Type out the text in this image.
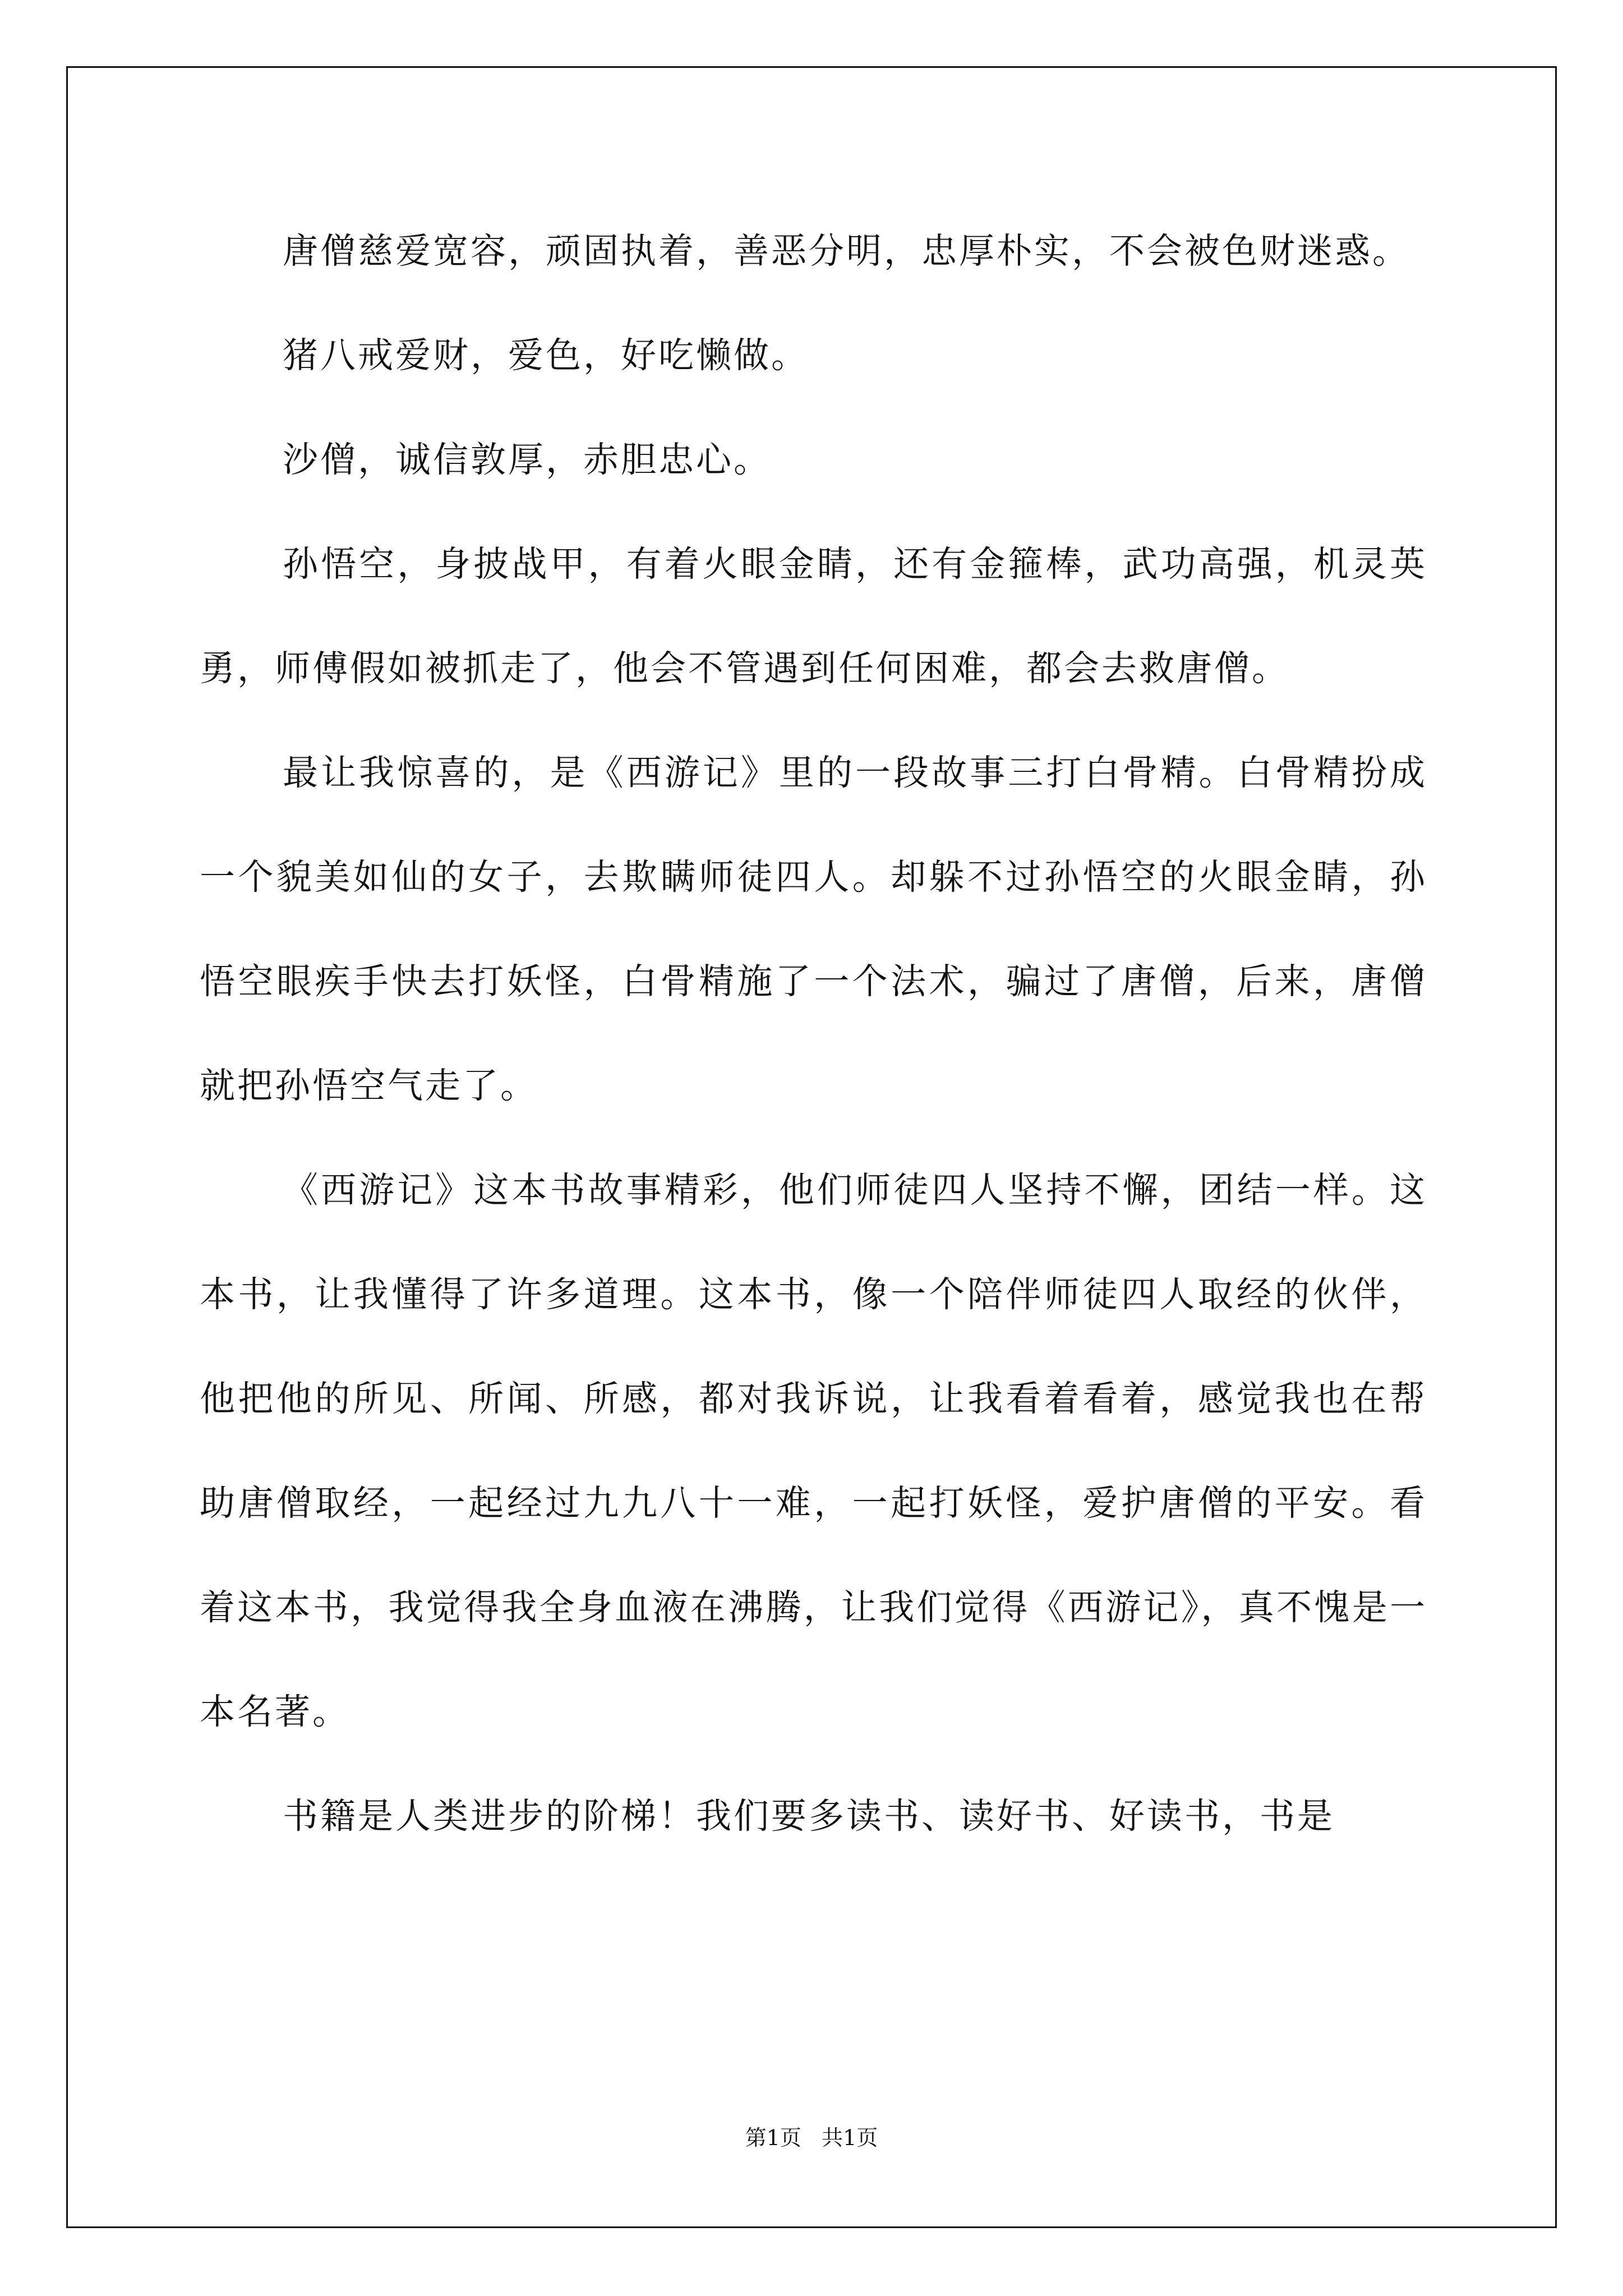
唐僧慈爱宽容，顽固执着，善恶分明，忠厚朴实，不会被色财迷惑。

猪八戒爱财，爱色，好吃懒做。

沙僧，诚信敦厚，赤胆忠心。

孙悟空，身披战甲，有着火眼金睛，还有金箍棒，武功高强，机灵英勇，师傅假如被抓走了，他会不管遇到任何困难，都会去救唐僧。

最让我惊喜的，是《西游记》里的一段故事三打白骨精。白骨精扮成一个貌美如仙的女子，去欺瞒师徒四人。却躲不过孙悟空的火眼金睛，孙悟空眼疾手快去打妖怪，白骨精施了一个法术，骗过了唐僧，后来，唐僧就把孙悟空气走了。

《西游记》这本书故事精彩，他们师徒四人坚持不懈，团结一样。这本书，让我懂得了许多道理。这本书，像一个陪伴师徒四人取经的伙伴，他把他的所见、所闻、所感，都对我诉说，让我看着看着，感觉我也在帮助唐僧取经，一起经过九九八十一难，一起打妖怪，爱护唐僧的平安。看着这本书，我觉得我全身血液在沸腾，让我们觉得《西游记》，真不愧是一本名著。

书籍是人类进步的阶梯！我们要多读书、读好书、好读书，书是

第1页   共1页
